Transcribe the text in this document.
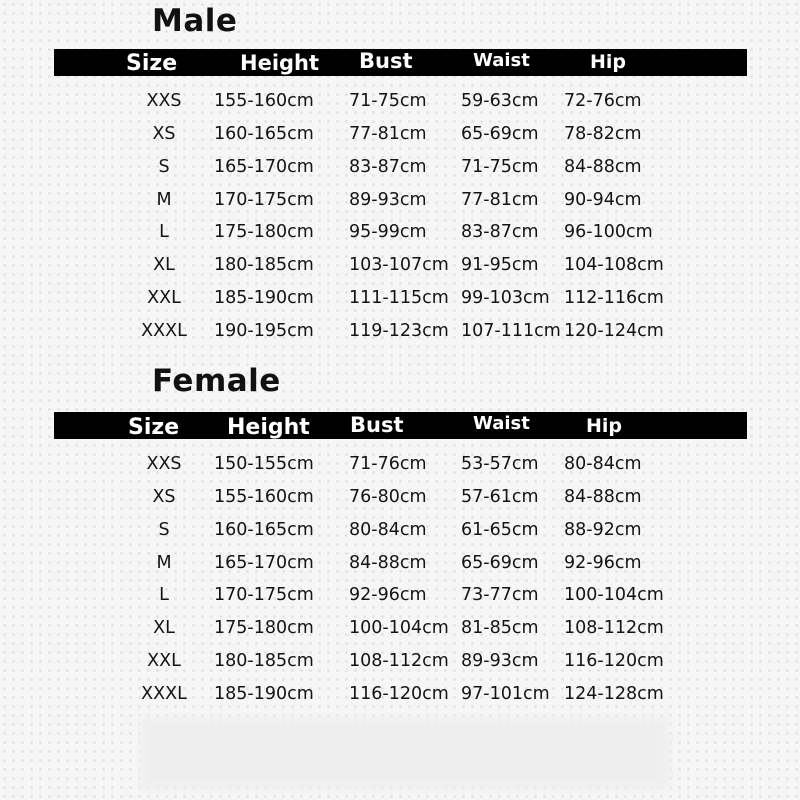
Male
Size	Height Bust	Waist	Hip
XXS	155-160cm 71-75cm 59-63cm 72-76cm
XS	160-165cm 77-81cm 65-69cm 78-82cm
S	165-170cm 83-87cm 71-75cm 84-88cm
M	170-175cm 89-93cm 77-81cm 90-94cm
L	175-180cm 95-99cm 83-87cm 96-100cm
XL	180-185cm 103-107cm 91-95cm 104-108cm
XXL	185-190cm 111-115cm 99-103cm 112-116cm
XXXL	190-195cm 119-123cm 107-111cm 120-124cm
Female
Size Height Bust	Waist	Hip
XXS	150-155cm 71-76cm 53-57cm 80-84cm
XS	155-160cm 76-80cm 57-61cm 84-88cm
S	160-165cm 80-84cm 61-65cm 88-92cm
M	165-170cm 84-88cm 65-69cm 92-96cm
L	170-175cm 92-96cm 73-77cm 100-104cm
XL	175-180cm 100-104cm 81-85cm 108-112cm
XXL	180-185cm 108-112cm 89-93cm 116-120cm
XXXL	185-190cm 116-120cm 97-101cm 124-128cm
